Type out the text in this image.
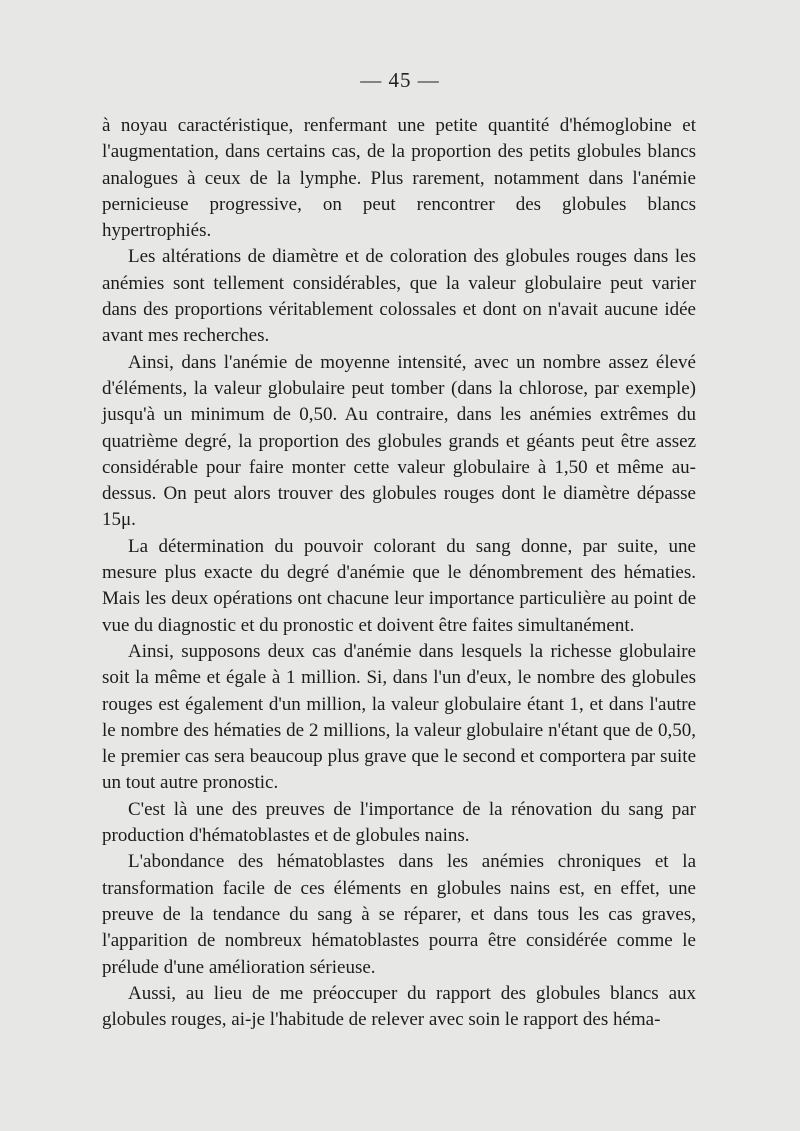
— 45 —

à noyau caractéristique, renfermant une petite quantité d'hémoglobine et l'augmentation, dans certains cas, de la proportion des petits globules blancs analogues à ceux de la lymphe. Plus rarement, notamment dans l'anémie pernicieuse progressive, on peut rencontrer des globules blancs hypertrophiés.

Les altérations de diamètre et de coloration des globules rouges dans les anémies sont tellement considérables, que la valeur globulaire peut varier dans des proportions véritablement colossales et dont on n'avait aucune idée avant mes recherches.

Ainsi, dans l'anémie de moyenne intensité, avec un nombre assez élevé d'éléments, la valeur globulaire peut tomber (dans la chlorose, par exemple) jusqu'à un minimum de 0,50. Au contraire, dans les anémies extrêmes du quatrième degré, la proportion des globules grands et géants peut être assez considérable pour faire monter cette valeur globulaire à 1,50 et même au-dessus. On peut alors trouver des globules rouges dont le diamètre dépasse 15μ.

La détermination du pouvoir colorant du sang donne, par suite, une mesure plus exacte du degré d'anémie que le dénombrement des hématies. Mais les deux opérations ont chacune leur importance particulière au point de vue du diagnostic et du pronostic et doivent être faites simultanément.

Ainsi, supposons deux cas d'anémie dans lesquels la richesse globulaire soit la même et égale à 1 million. Si, dans l'un d'eux, le nombre des globules rouges est également d'un million, la valeur globulaire étant 1, et dans l'autre le nombre des hématies de 2 millions, la valeur globulaire n'étant que de 0,50, le premier cas sera beaucoup plus grave que le second et comportera par suite un tout autre pronostic.

C'est là une des preuves de l'importance de la rénovation du sang par production d'hématoblastes et de globules nains.

L'abondance des hématoblastes dans les anémies chroniques et la transformation facile de ces éléments en globules nains est, en effet, une preuve de la tendance du sang à se réparer, et dans tous les cas graves, l'apparition de nombreux hématoblastes pourra être considérée comme le prélude d'une amélioration sérieuse.

Aussi, au lieu de me préoccuper du rapport des globules blancs aux globules rouges, ai-je l'habitude de relever avec soin le rapport des héma-
